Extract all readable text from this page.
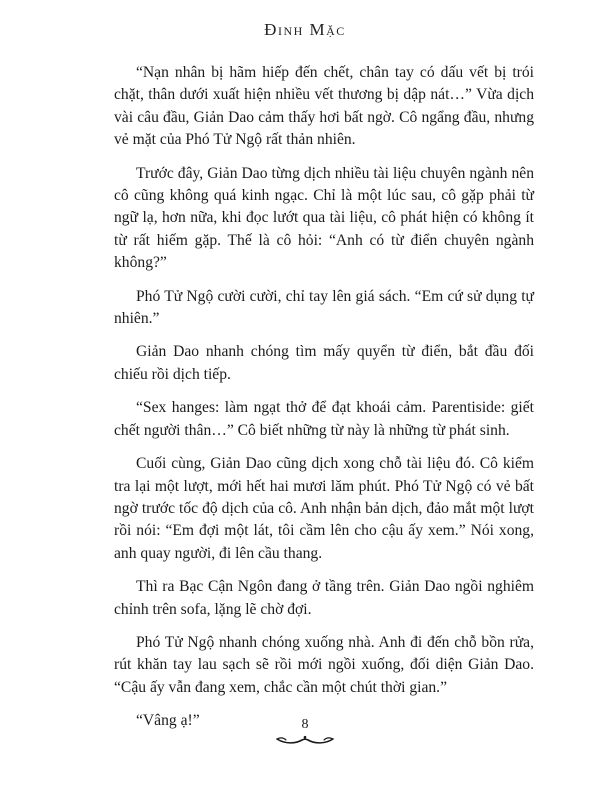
Đinh Mặc

“Nạn nhân bị hãm hiếp đến chết, chân tay có dấu vết bị trói chặt, thân dưới xuất hiện nhiều vết thương bị dập nát…” Vừa dịch vài câu đầu, Giản Dao cảm thấy hơi bất ngờ. Cô ngẩng đầu, nhưng vẻ mặt của Phó Tử Ngộ rất thản nhiên.

Trước đây, Giản Dao từng dịch nhiều tài liệu chuyên ngành nên cô cũng không quá kinh ngạc. Chỉ là một lúc sau, cô gặp phải từ ngữ lạ, hơn nữa, khi đọc lướt qua tài liệu, cô phát hiện có không ít từ rất hiếm gặp. Thế là cô hỏi: “Anh có từ điển chuyên ngành không?”

Phó Tử Ngộ cười cười, chỉ tay lên giá sách. “Em cứ sử dụng tự nhiên.”

Giản Dao nhanh chóng tìm mấy quyển từ điển, bắt đầu đối chiếu rồi dịch tiếp.

“Sex hanges: làm ngạt thở để đạt khoái cảm. Parentiside: giết chết người thân…” Cô biết những từ này là những từ phát sinh.

Cuối cùng, Giản Dao cũng dịch xong chỗ tài liệu đó. Cô kiểm tra lại một lượt, mới hết hai mươi lăm phút. Phó Tử Ngộ có vẻ bất ngờ trước tốc độ dịch của cô. Anh nhận bản dịch, đảo mắt một lượt rồi nói: “Em đợi một lát, tôi cầm lên cho cậu ấy xem.” Nói xong, anh quay người, đi lên cầu thang.

Thì ra Bạc Cận Ngôn đang ở tầng trên. Giản Dao ngồi nghiêm chỉnh trên sofa, lặng lẽ chờ đợi.

Phó Tử Ngộ nhanh chóng xuống nhà. Anh đi đến chỗ bồn rửa, rút khăn tay lau sạch sẽ rồi mới ngồi xuống, đối diện Giản Dao. “Cậu ấy vẫn đang xem, chắc cần một chút thời gian.”

“Vâng ạ!”	8
